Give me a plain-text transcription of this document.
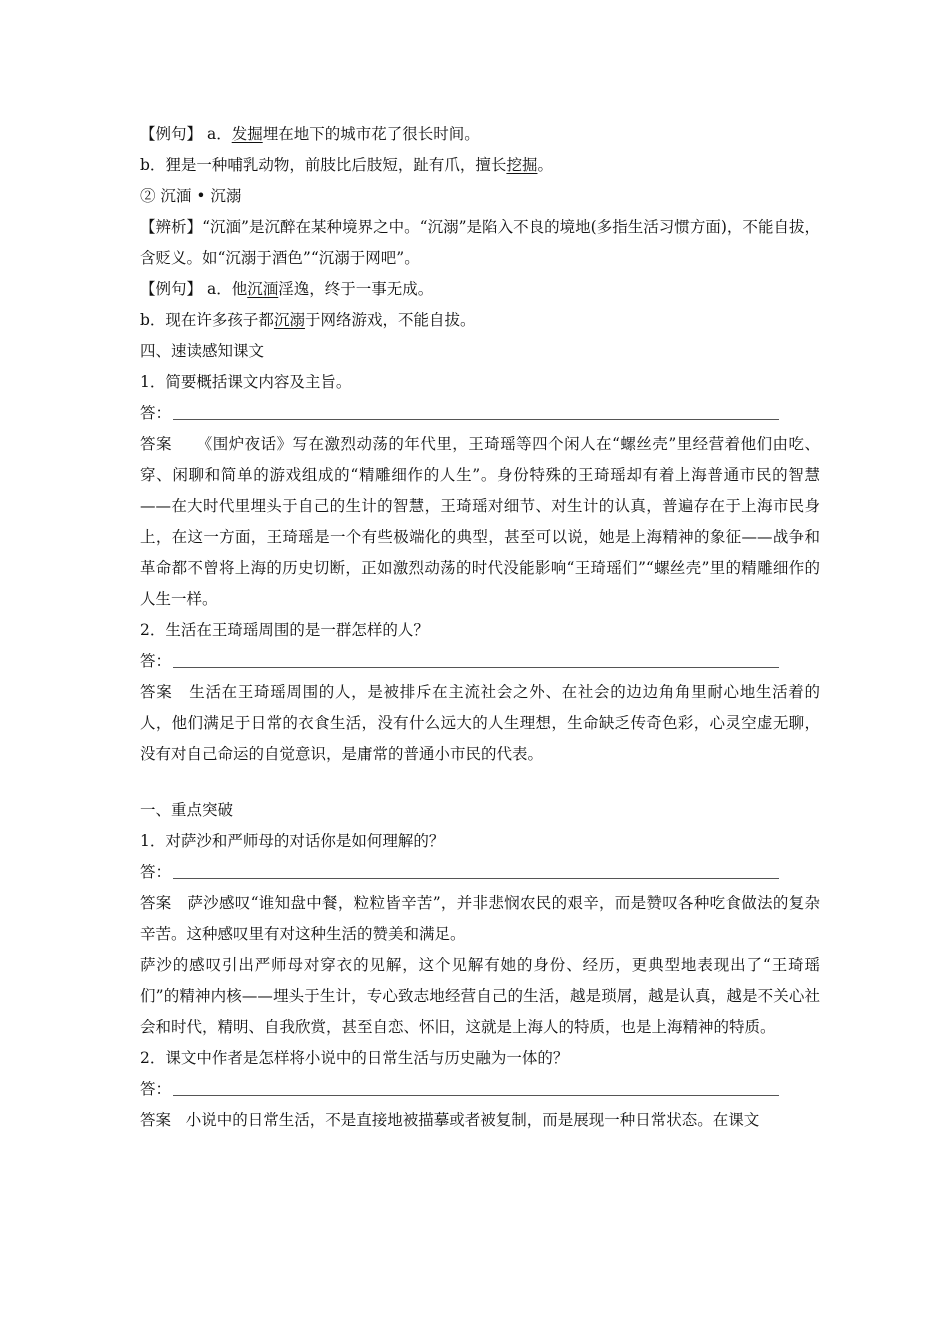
【例句】 a．发掘埋在地下的城市花了很长时间。
b．狸是一种哺乳动物，前肢比后肢短，趾有爪，擅长挖掘。
② 沉湎 • 沉溺
【辨析】“沉湎”是沉醉在某种境界之中。“沉溺”是陷入不良的境地(多指生活习惯方面)，不能自拔，含贬义。如“沉溺于酒色”“沉溺于网吧”。
【例句】 a．他沉湎淫逸，终于一事无成。
b．现在许多孩子都沉溺于网络游戏，不能自拔。
四、速读感知课文
1．简要概括课文内容及主旨。
答：
答案 《围炉夜话》写在激烈动荡的年代里，王琦瑶等四个闲人在“螺丝壳”里经营着他们由吃、穿、闲聊和简单的游戏组成的“精雕细作的人生”。身份特殊的王琦瑶却有着上海普通市民的智慧——在大时代里埋头于自己的生计的智慧，王琦瑶对细节、对生计的认真，普遍存在于上海市民身上，在这一方面，王琦瑶是一个有些极端化的典型，甚至可以说，她是上海精神的象征——战争和革命都不曾将上海的历史切断，正如激烈动荡的时代没能影响“王琦瑶们”“螺丝壳”里的精雕细作的人生一样。
2．生活在王琦瑶周围的是一群怎样的人？
答：
答案 生活在王琦瑶周围的人，是被排斥在主流社会之外、在社会的边边角角里耐心地生活着的人，他们满足于日常的衣食生活，没有什么远大的人生理想，生命缺乏传奇色彩，心灵空虚无聊，没有对自己命运的自觉意识，是庸常的普通小市民的代表。
一、重点突破
1．对萨沙和严师母的对话你是如何理解的？
答：
答案 萨沙感叹“谁知盘中餐，粒粒皆辛苦”，并非悲悯农民的艰辛，而是赞叹各种吃食做法的复杂辛苦。这种感叹里有对这种生活的赞美和满足。
萨沙的感叹引出严师母对穿衣的见解，这个见解有她的身份、经历，更典型地表现出了“王琦瑶们”的精神内核——埋头于生计，专心致志地经营自己的生活，越是琐屑，越是认真，越是不关心社会和时代，精明、自我欣赏，甚至自恋、怀旧，这就是上海人的特质，也是上海精神的特质。
2．课文中作者是怎样将小说中的日常生活与历史融为一体的？
答：
答案 小说中的日常生活，不是直接地被描摹或者被复制，而是展现一种日常状态。在课文
